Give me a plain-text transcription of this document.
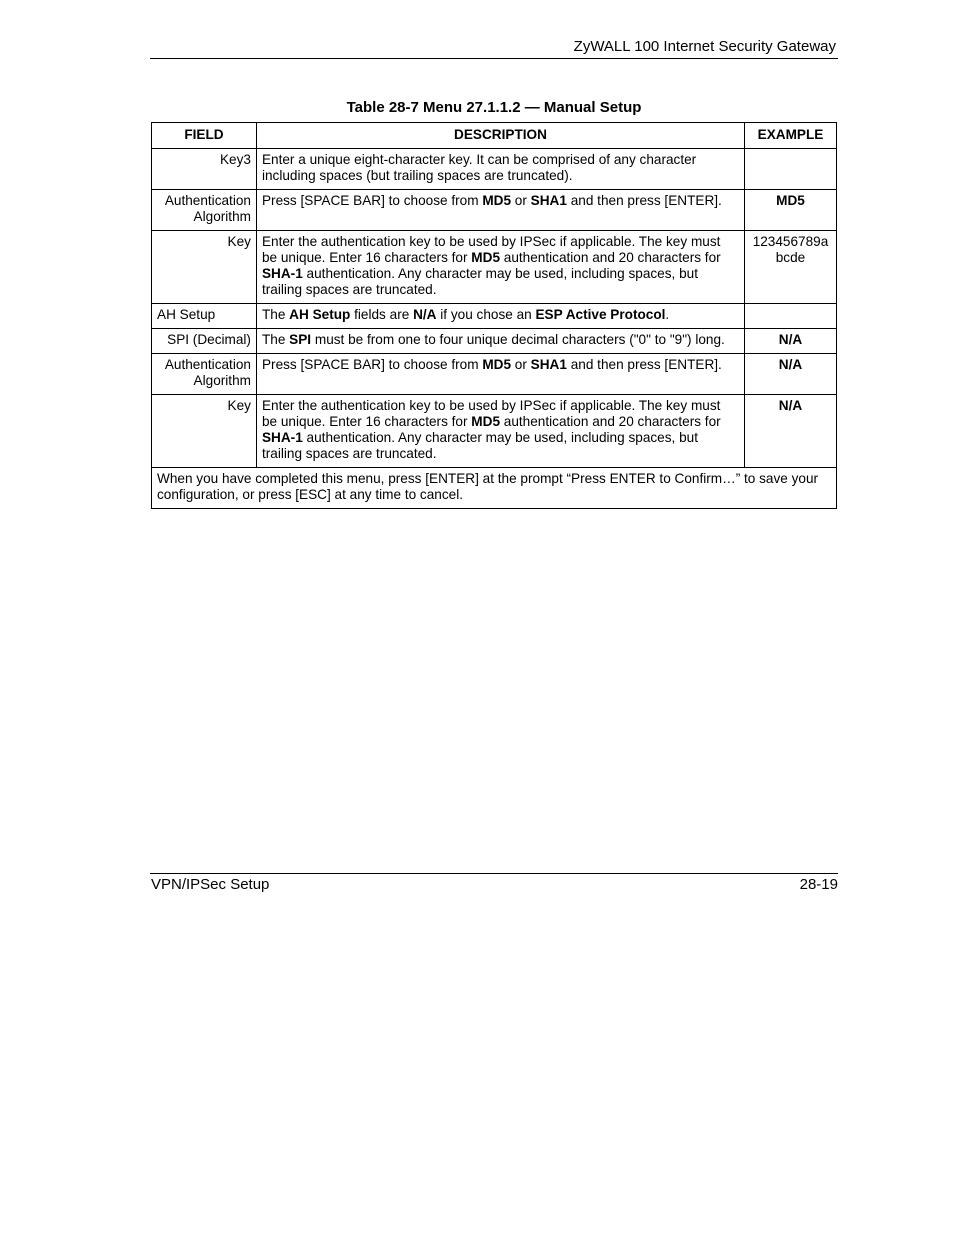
ZyWALL 100 Internet Security Gateway
Table 28-7 Menu 27.1.1.2 — Manual Setup
FIELD	DESCRIPTION	EXAMPLE
Key3	Enter a unique eight-character key. It can be comprised of any character including spaces (but trailing spaces are truncated).	
Authentication Algorithm	Press [SPACE BAR] to choose from MD5 or SHA1 and then press [ENTER].	MD5
Key	Enter the authentication key to be used by IPSec if applicable. The key must be unique. Enter 16 characters for MD5 authentication and 20 characters for SHA-1 authentication. Any character may be used, including spaces, but trailing spaces are truncated.	123456789a bcde
AH Setup	The AH Setup fields are N/A if you chose an ESP Active Protocol.	
SPI (Decimal)	The SPI must be from one to four unique decimal characters ("0" to "9") long.	N/A
Authentication Algorithm	Press [SPACE BAR] to choose from MD5 or SHA1 and then press [ENTER].	N/A
Key	Enter the authentication key to be used by IPSec if applicable. The key must be unique. Enter 16 characters for MD5 authentication and 20 characters for SHA-1 authentication. Any character may be used, including spaces, but trailing spaces are truncated.	N/A
When you have completed this menu, press [ENTER] at the prompt “Press ENTER to Confirm…” to save your configuration, or press [ESC] at any time to cancel.		
VPN/IPSec Setup	28-19
